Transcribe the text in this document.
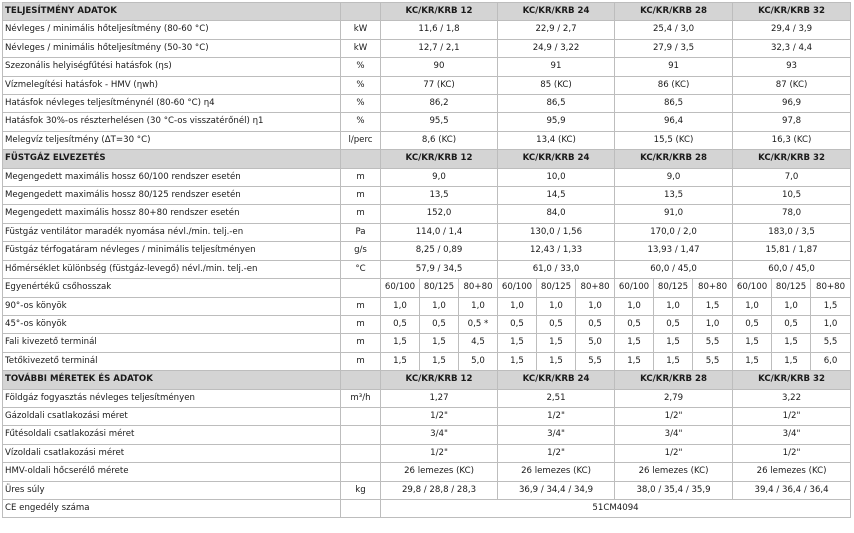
TELJESÍTMÉNY ADATOK		KC/KR/KRB 12			KC/KR/KRB 24			KC/KR/KRB 28			KC/KR/KRB 32		
Névleges / minimális hőteljesítmény (80-60 °C)	kW	11,6 / 1,8			22,9 / 2,7			25,4 / 3,0			29,4 / 3,9		
Névleges / minimális hőteljesítmény (50-30 °C)	kW	12,7 / 2,1			24,9 / 3,22			27,9 / 3,5			32,3 / 4,4		
Szezonális helyiségfűtési hatásfok (ηs)	%	90			91			91			93		
Vízmelegítési hatásfok - HMV (ηwh)	%	77 (KC)			85 (KC)			86 (KC)			87 (KC)		
Hatásfok névleges teljesítménynél (80-60 °C) η4	%	86,2			86,5			86,5			96,9		
Hatásfok 30%-os részterhelésen (30 °C-os visszatérőnél) η1	%	95,5			95,9			96,4			97,8		
Melegvíz teljesítmény (ΔT=30 °C)	l/perc	8,6 (KC)			13,4 (KC)			15,5 (KC)			16,3 (KC)		
FÜSTGÁZ ELVEZETÉS		KC/KR/KRB 12			KC/KR/KRB 24			KC/KR/KRB 28			KC/KR/KRB 32		
Megengedett maximális hossz 60/100 rendszer esetén	m	9,0			10,0			9,0			7,0		
Megengedett maximális hossz 80/125 rendszer esetén	m	13,5			14,5			13,5			10,5		
Megengedett maximális hossz 80+80 rendszer esetén	m	152,0			84,0			91,0			78,0		
Füstgáz ventilátor maradék nyomása névl./min. telj.-en	Pa	114,0 / 1,4			130,0 / 1,56			170,0 / 2,0			183,0 / 3,5		
Füstgáz térfogatáram névleges / minimális teljesítményen	g/s	8,25 / 0,89			12,43 / 1,33			13,93 / 1,47			15,81 / 1,87		
Hőmérséklet különbség (füstgáz-levegő) névl./min. telj.-en	°C	57,9 / 34,5			61,0 / 33,0			60,0 / 45,0			60,0 / 45,0		
Egyenértékű csőhosszak		60/100	80/125	80+80	60/100	80/125	80+80	60/100	80/125	80+80	60/100	80/125	80+80
90°-os könyök	m	1,0	1,0	1,0	1,0	1,0	1,0	1,0	1,0	1,5	1,0	1,0	1,5
45°-os könyök	m	0,5	0,5	0,5 *	0,5	0,5	0,5	0,5	0,5	1,0	0,5	0,5	1,0
Fali kivezető terminál	m	1,5	1,5	4,5	1,5	1,5	5,0	1,5	1,5	5,5	1,5	1,5	5,5
Tetőkivezető terminál	m	1,5	1,5	5,0	1,5	1,5	5,5	1,5	1,5	5,5	1,5	1,5	6,0
TOVÁBBI MÉRETEK ÉS ADATOK		KC/KR/KRB 12			KC/KR/KRB 24			KC/KR/KRB 28			KC/KR/KRB 32		
Földgáz fogyasztás névleges teljesítményen	m³/h	1,27			2,51			2,79			3,22		
Gázoldali csatlakozási méret		1/2"			1/2"			1/2"			1/2"		
Fűtésoldali csatlakozási méret		3/4"			3/4"			3/4"			3/4"		
Vízoldali csatlakozási méret		1/2"			1/2"			1/2"			1/2"		
HMV-oldali hőcserélő mérete		26 lemezes (KC)			26 lemezes (KC)			26 lemezes (KC)			26 lemezes (KC)		
Üres súly	kg	29,8 / 28,8 / 28,3			36,9 / 34,4 / 34,9			38,0 / 35,4 / 35,9			39,4 / 36,4 / 36,4		
CE engedély száma		51CM4094											
